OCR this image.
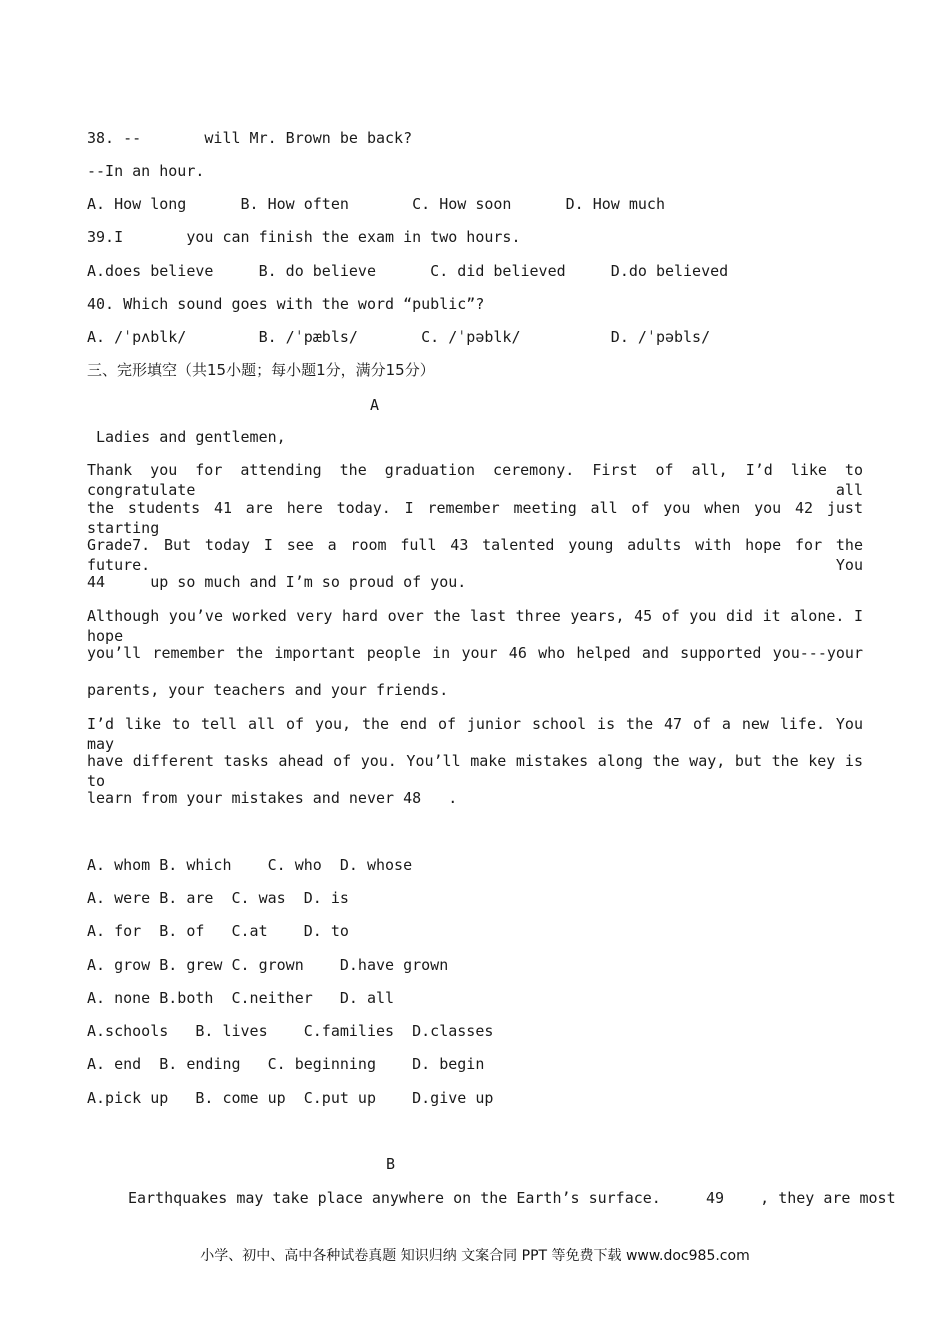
38. --       will Mr. Brown be back?
--In an hour.
A. How long      B. How often       C. How soon      D. How much
39.I       you can finish the exam in two hours.
A.does believe     B. do believe      C. did believed     D.do believed
40. Which sound goes with the word “public”?
A. /ˈpʌblk/        B. /ˈpæbls/       C. /ˈpəblk/          D. /ˈpəbls/
三、完形填空（共15小题；每小题1分，满分15分）
A
Ladies and gentlemen,
Thank you for attending the graduation ceremony. First of all, I’d like to congratulate all
the students 41 are here today. I remember meeting all of you when you 42 just starting
Grade7. But today I see a room full 43 talented young adults with hope for the future. You
44     up so much and I’m so proud of you.
Although you’ve worked very hard over the last three years, 45 of you did it alone. I hope
you’ll remember the important people in your 46 who helped and supported you---your
parents, your teachers and your friends.
I’d like to tell all of you, the end of junior school is the 47 of a new life. You may
have different tasks ahead of you. You’ll make mistakes along the way, but the key is to
learn from your mistakes and never 48   .
A. whom B. which    C. who  D. whose
A. were B. are  C. was  D. is
A. for  B. of   C.at    D. to
A. grow B. grew C. grown    D.have grown
A. none B.both  C.neither   D. all
A.schools   B. lives    C.families  D.classes
A. end  B. ending   C. beginning    D. begin
A.pick up   B. come up  C.put up    D.give up
B
Earthquakes may take place anywhere on the Earth’s surface.     49    , they are most
小学、初中、高中各种试卷真题 知识归纳 文案合同 PPT 等免费下载 www.doc985.com
